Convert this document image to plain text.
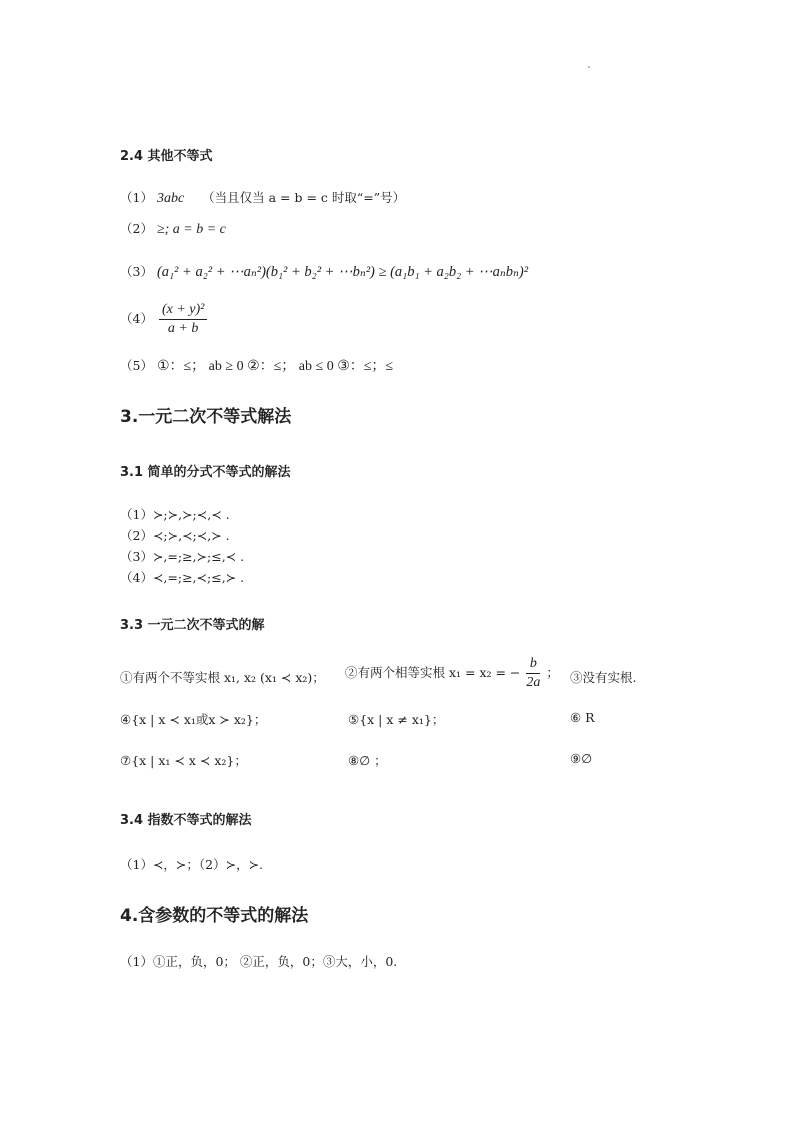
2.4 其他不等式
（1） 3abc （当且仅当 a = b = c 时取“=”号）
（2） ≥; a = b = c
（3） (a₁² + a₂² + ⋯aₙ²)(b₁² + b₂² + ⋯bₙ²) ≥ (a₁b₁ + a₂b₂ + ⋯aₙbₙ)²
$(4) \frac{\text{(x + y)²}}{a + b}$
（5） ①：≤； ab ≥ 0 ②：≤； ab ≤ 0 ③：≤；≤
3.一元二次不等式解法
3.1 简单的分式不等式的解法
（1）≻;≻,≻;≺,≺ .
（2）≺;≻,≺;≺,≻ .
（3）≻,=;≥,≻;≤,≺ .
（4）≺,=;≥,≺;≤,≻ .
3.3 一元二次不等式的解
①有两个不等实根 x₁, x₂ (x₁ ≺ x₂)； ②有两个相等实根 x₁ = x₂ = − $\frac{b}{2a}$ ； ③没有实根.
④{x | x ≺ x₁或x ≻ x₂}；	⑤{x | x ≠ x₁}；	⑥ R
⑦{x | x₁ ≺ x ≺ x₂}；	⑧∅ ；	⑨∅
3.4 指数不等式的解法
（1）≺，≻；（2）≻，≻.
4.含参数的不等式的解法
（1）①正，负，0； ②正，负，0；③大，小，0.
